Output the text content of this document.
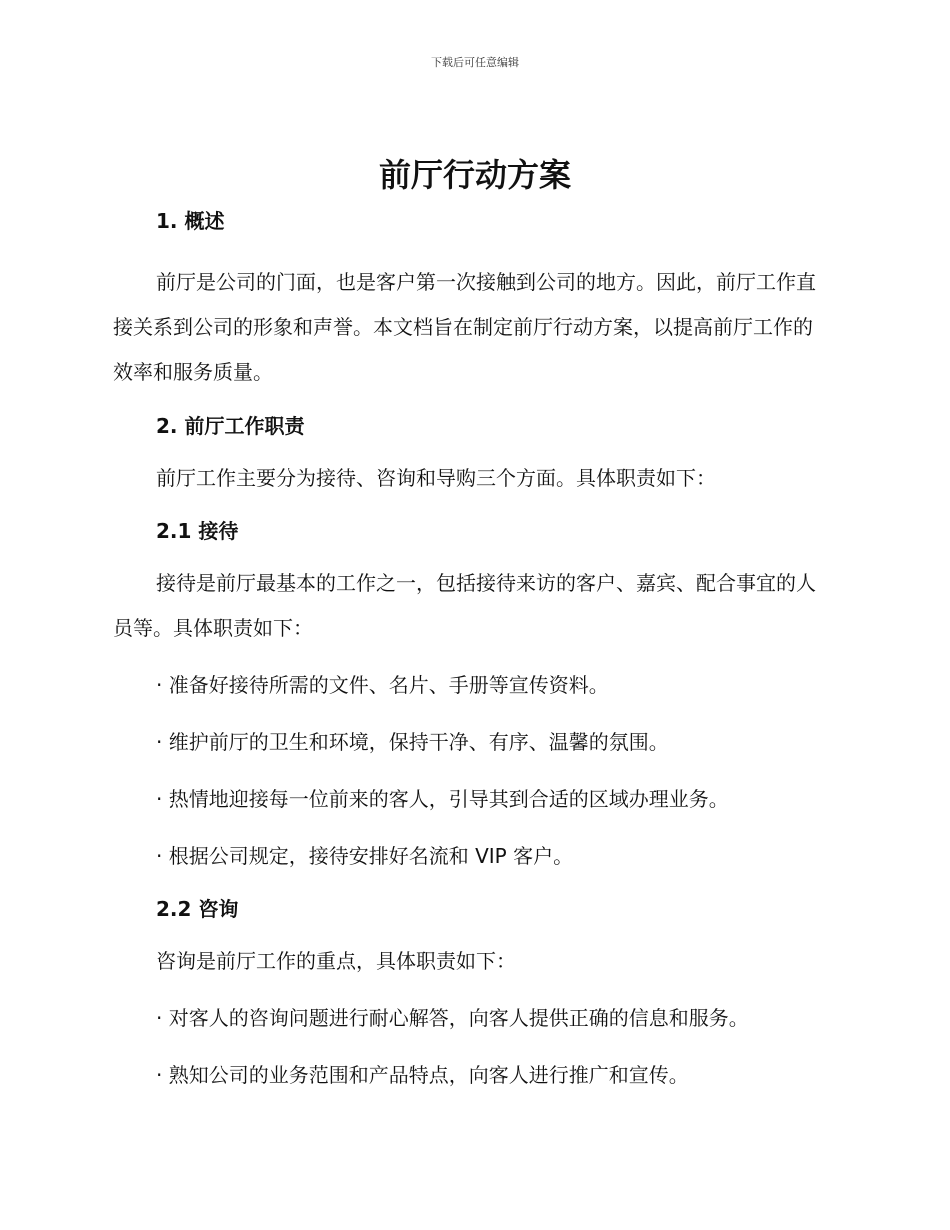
下载后可任意编辑
前厅行动方案

1. 概述

前厅是公司的门面，也是客户第一次接触到公司的地方。因此，前厅工作直接关系到公司的形象和声誉。本文档旨在制定前厅行动方案，以提高前厅工作的效率和服务质量。

2. 前厅工作职责

前厅工作主要分为接待、咨询和导购三个方面。具体职责如下：

2.1 接待

接待是前厅最基本的工作之一，包括接待来访的客户、嘉宾、配合事宜的人员等。具体职责如下：

· 准备好接待所需的文件、名片、手册等宣传资料。

· 维护前厅的卫生和环境，保持干净、有序、温馨的氛围。

· 热情地迎接每一位前来的客人，引导其到合适的区域办理业务。

· 根据公司规定，接待安排好名流和 VIP 客户。

2.2 咨询

咨询是前厅工作的重点，具体职责如下：

· 对客人的咨询问题进行耐心解答，向客人提供正确的信息和服务。

· 熟知公司的业务范围和产品特点，向客人进行推广和宣传。
